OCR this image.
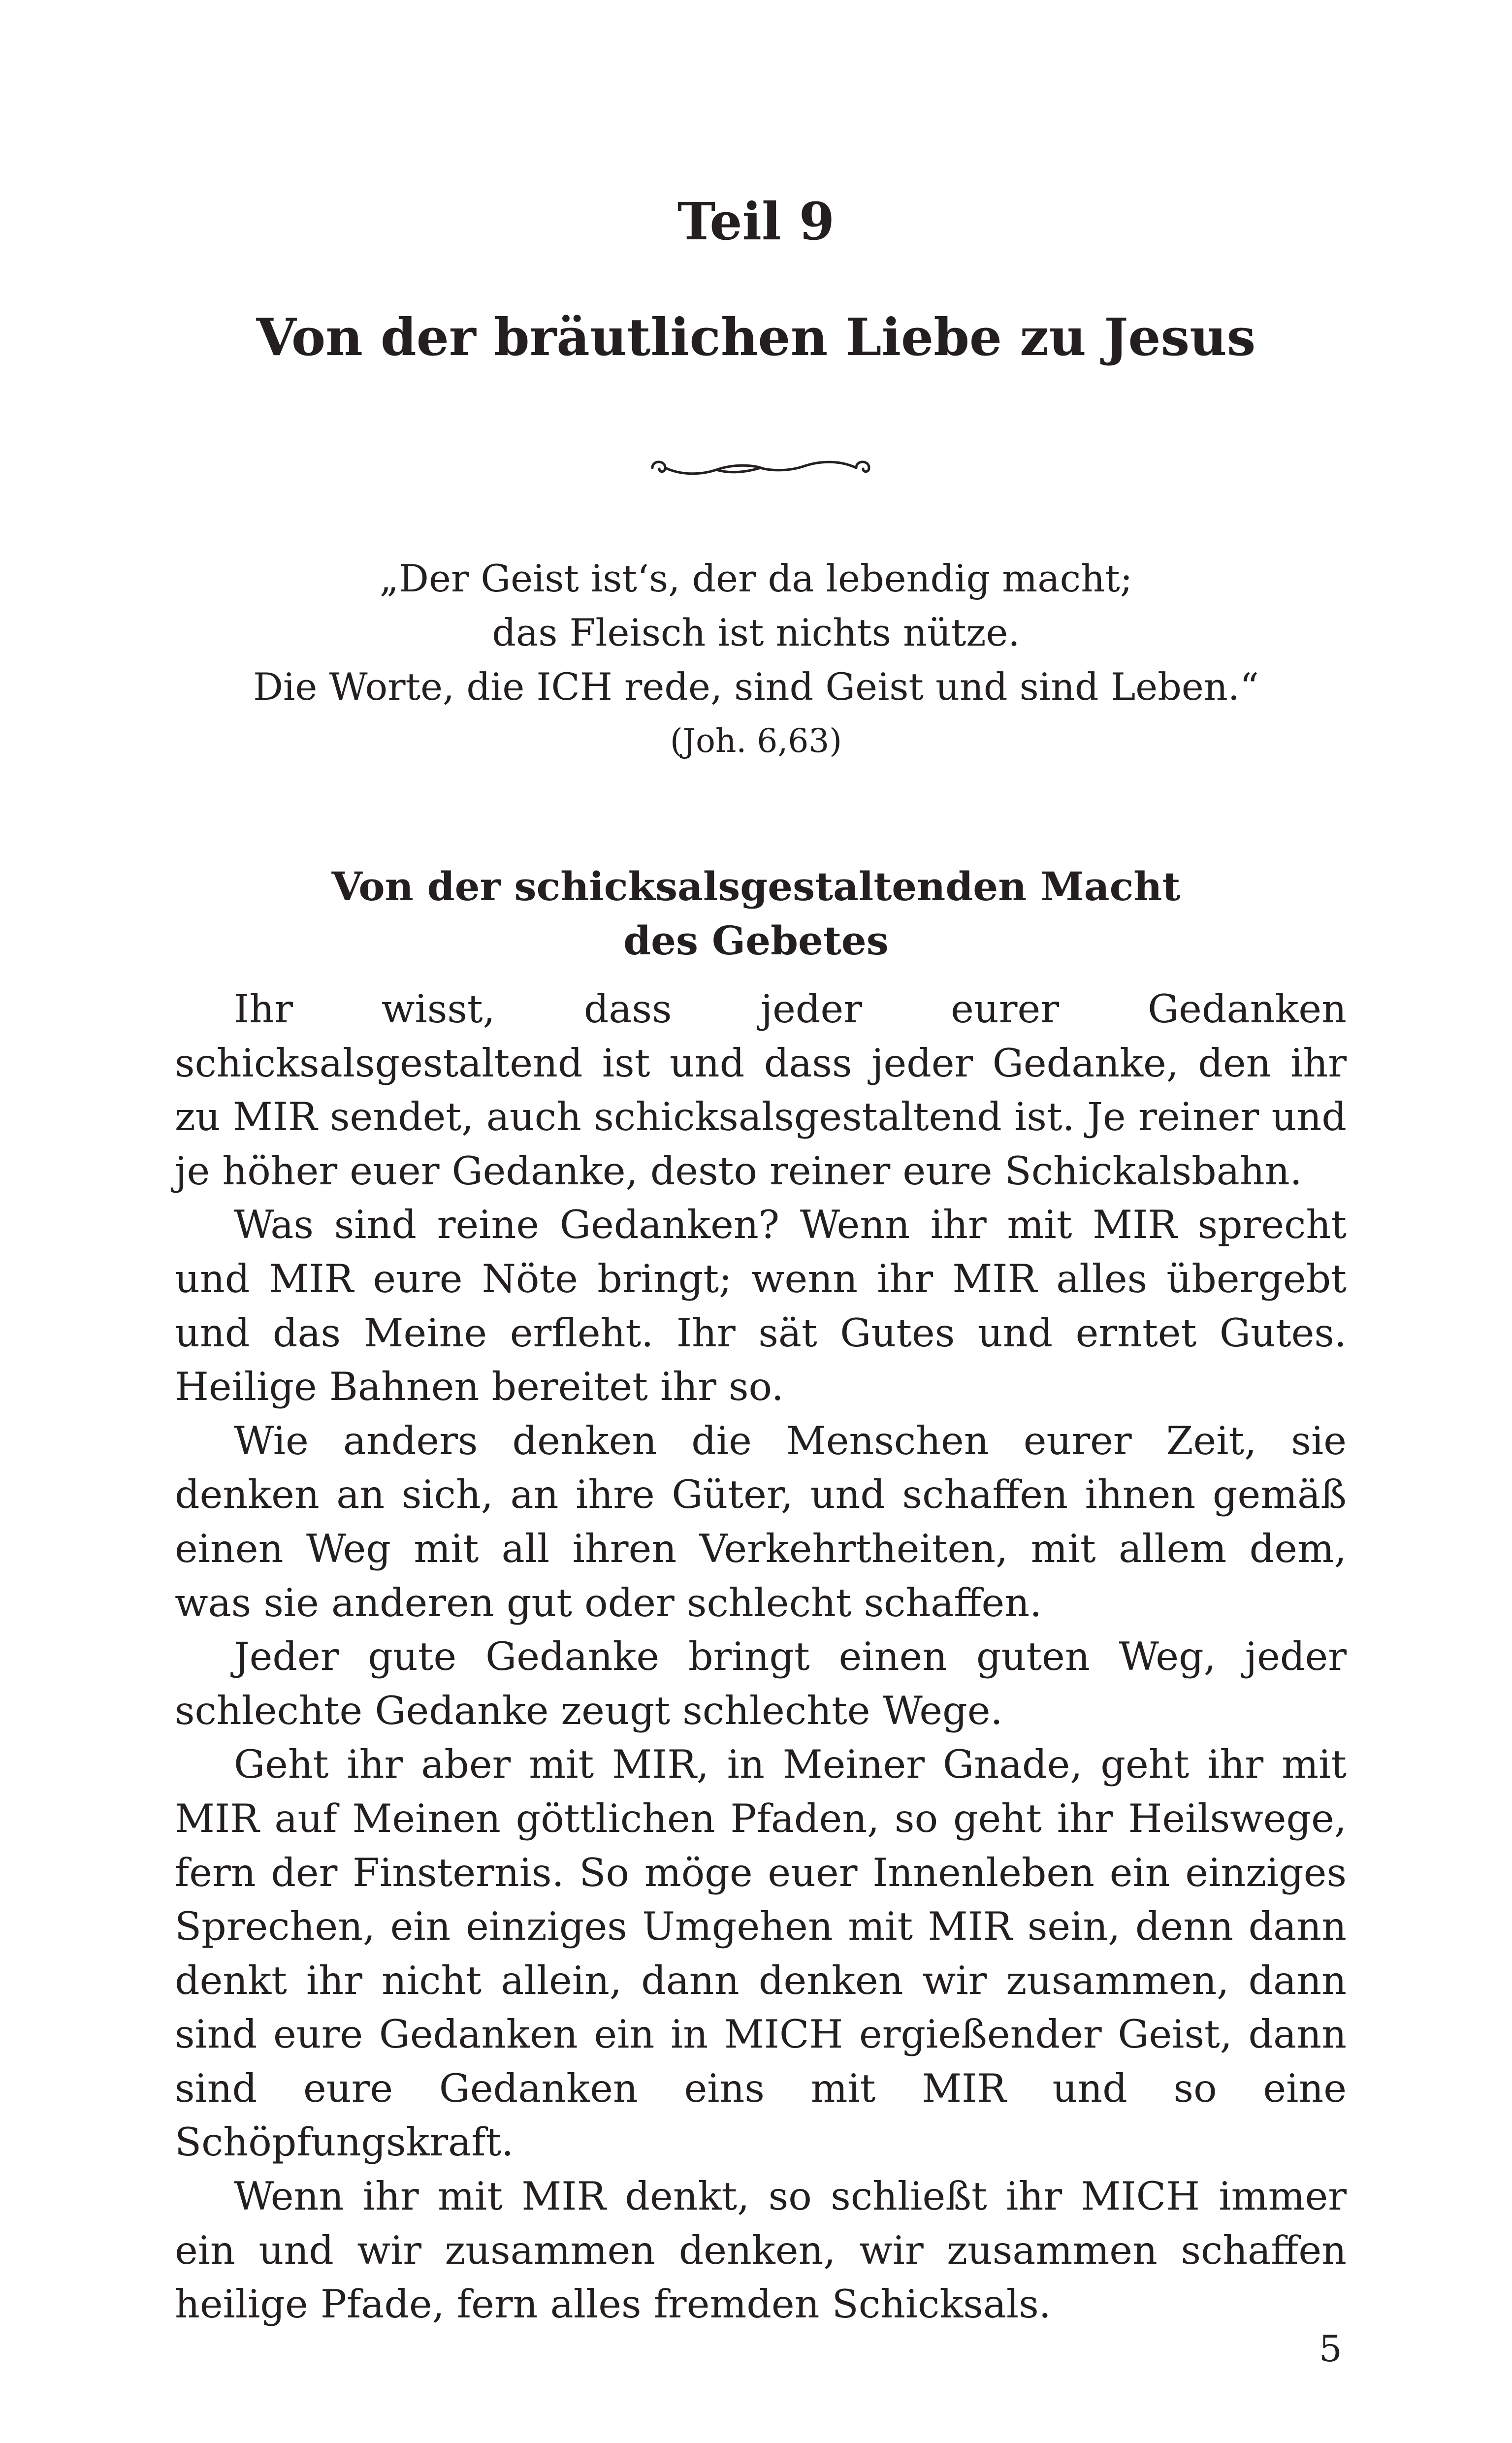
Teil 9
Von der bräutlichen Liebe zu Jesus
„Der Geist ist‘s, der da lebendig macht;
das Fleisch ist nichts nütze.
Die Worte, die ICH rede, sind Geist und sind Leben.“
(Joh. 6,63)
Von der schicksalsgestaltenden Macht
des Gebetes

Ihr wisst, dass jeder eurer Gedanken schicksalsgestaltend ist und dass jeder Gedanke, den ihr zu MIR sendet, auch schicksalsgestaltend ist. Je reiner und je höher euer Gedanke, desto reiner eure Schickalsbahn.

Was sind reine Gedanken? Wenn ihr mit MIR sprecht und MIR eure Nöte bringt; wenn ihr MIR alles übergebt und das Meine erfleht. Ihr sät Gutes und erntet Gutes. Heilige Bahnen bereitet ihr so.

Wie anders denken die Menschen eurer Zeit, sie denken an sich, an ihre Güter, und schaffen ihnen gemäß einen Weg mit all ihren Verkehrtheiten, mit allem dem, was sie anderen gut oder schlecht schaffen.

Jeder gute Gedanke bringt einen guten Weg, jeder schlechte Gedanke zeugt schlechte Wege.

Geht ihr aber mit MIR, in Meiner Gnade, geht ihr mit MIR auf Meinen göttlichen Pfaden, so geht ihr Heilswege, fern der Finsternis. So möge euer Innenleben ein einziges Sprechen, ein einziges Umgehen mit MIR sein, denn dann denkt ihr nicht allein, dann denken wir zusammen, dann sind eure Gedanken ein in MICH ergießender Geist, dann sind eure Gedanken eins mit MIR und so eine Schöpfungskraft.

Wenn ihr mit MIR denkt, so schließt ihr MICH immer ein und wir zusammen denken, wir zusammen schaffen heilige Pfade, fern alles fremden Schicksals.

5
